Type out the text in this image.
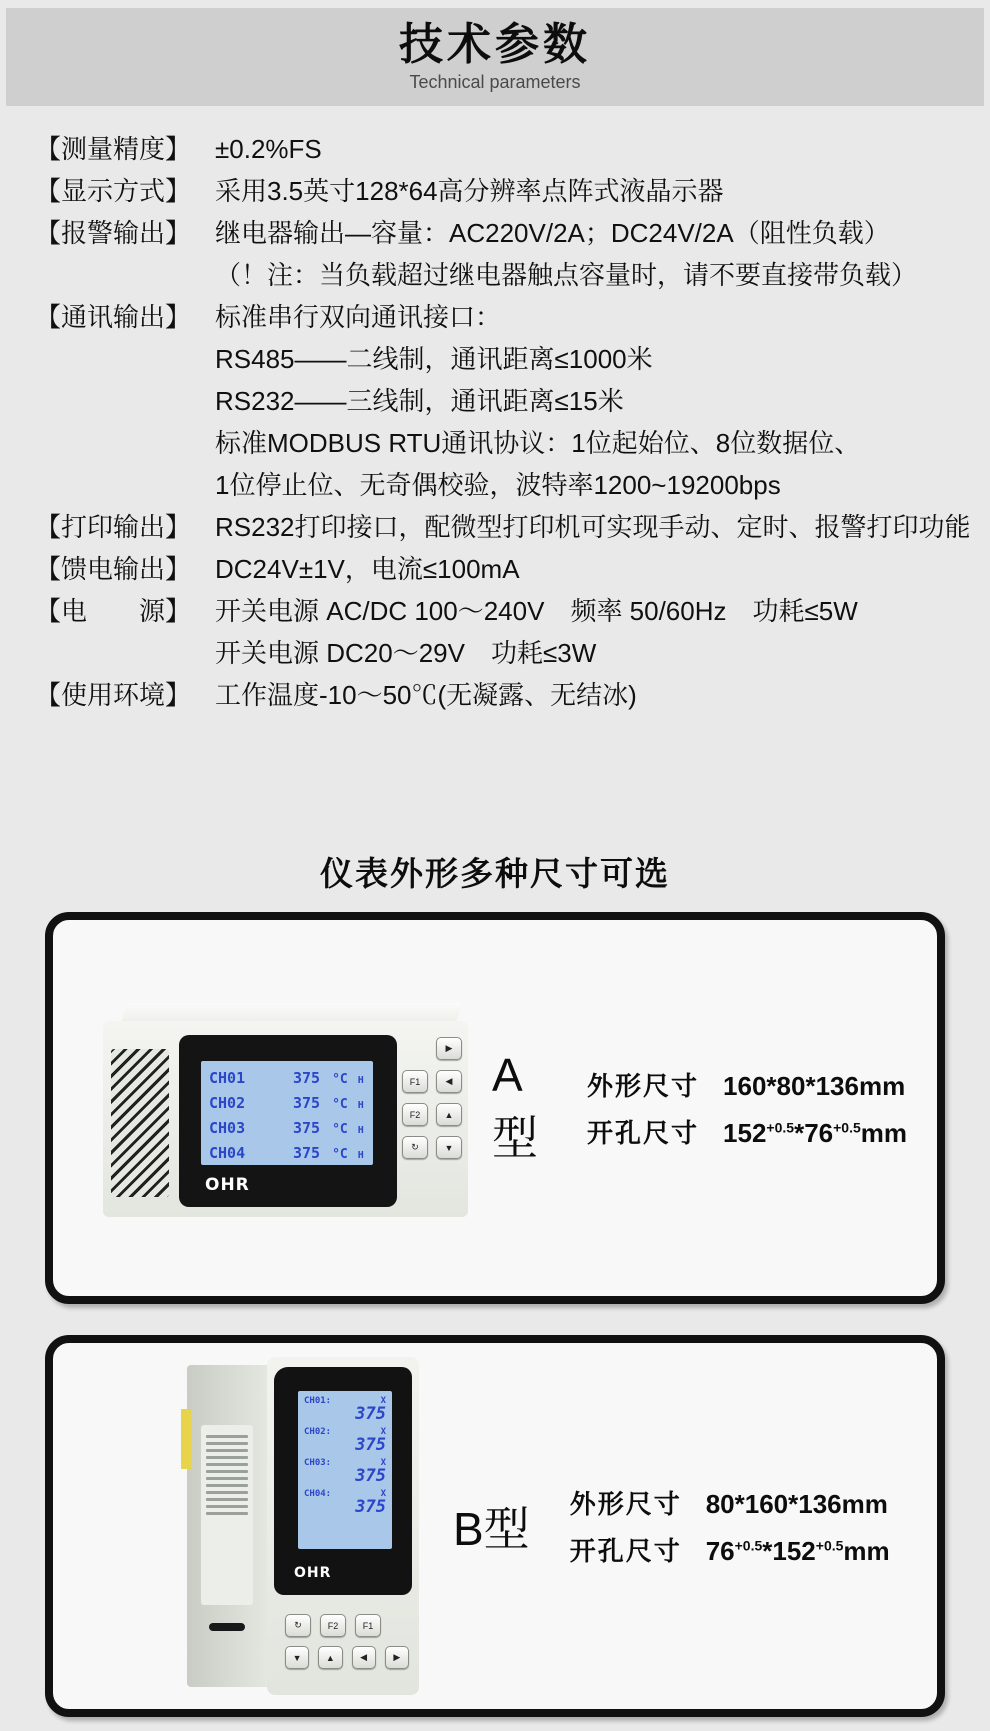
技术参数
Technical parameters
【测量精度】 ±0.2%FS
【显示方式】 采用3.5英寸128*64高分辨率点阵式液晶示器
【报警输出】 继电器输出—容量：AC220V/2A；DC24V/2A（阻性负载）
（！注：当负载超过继电器触点容量时，请不要直接带负载）
【通讯输出】 标准串行双向通讯接口：
RS485——二线制，通讯距离≤1000米
RS232——三线制，通讯距离≤15米
标准MODBUS RTU通讯协议：1位起始位、8位数据位、
1位停止位、无奇偶校验，波特率1200~19200bps
【打印输出】 RS232打印接口，配微型打印机可实现手动、定时、报警打印功能
【馈电输出】 DC24V±1V，电流≤100mA
【电　　源】 开关电源 AC/DC 100～240V　频率 50/60Hz　功耗≤5W
开关电源 DC20～29V　功耗≤3W
【使用环境】 工作温度-10～50℃(无凝露、无结冰)
仪表外形多种尺寸可选
CH01	375 °C H
CH02	375 °C H
CH03	375 °C H
CH04	375 °C H
OHR
▶
F1	◀
F2	▲
↻	▼
A型
外形尺寸 160*80*136mm
开孔尺寸 $152^{+0.5}*76^{+0.5}mm$
CH01:	X
375
CH02:	X
375
CH03:	X
375
CH04:	X
375
OHR
↻	F2	F1
▼	▲	◀	▶
B型 外形尺寸 80*160*136mm
开孔尺寸 $76^{+0.5}*152^{+0.5}mm$
